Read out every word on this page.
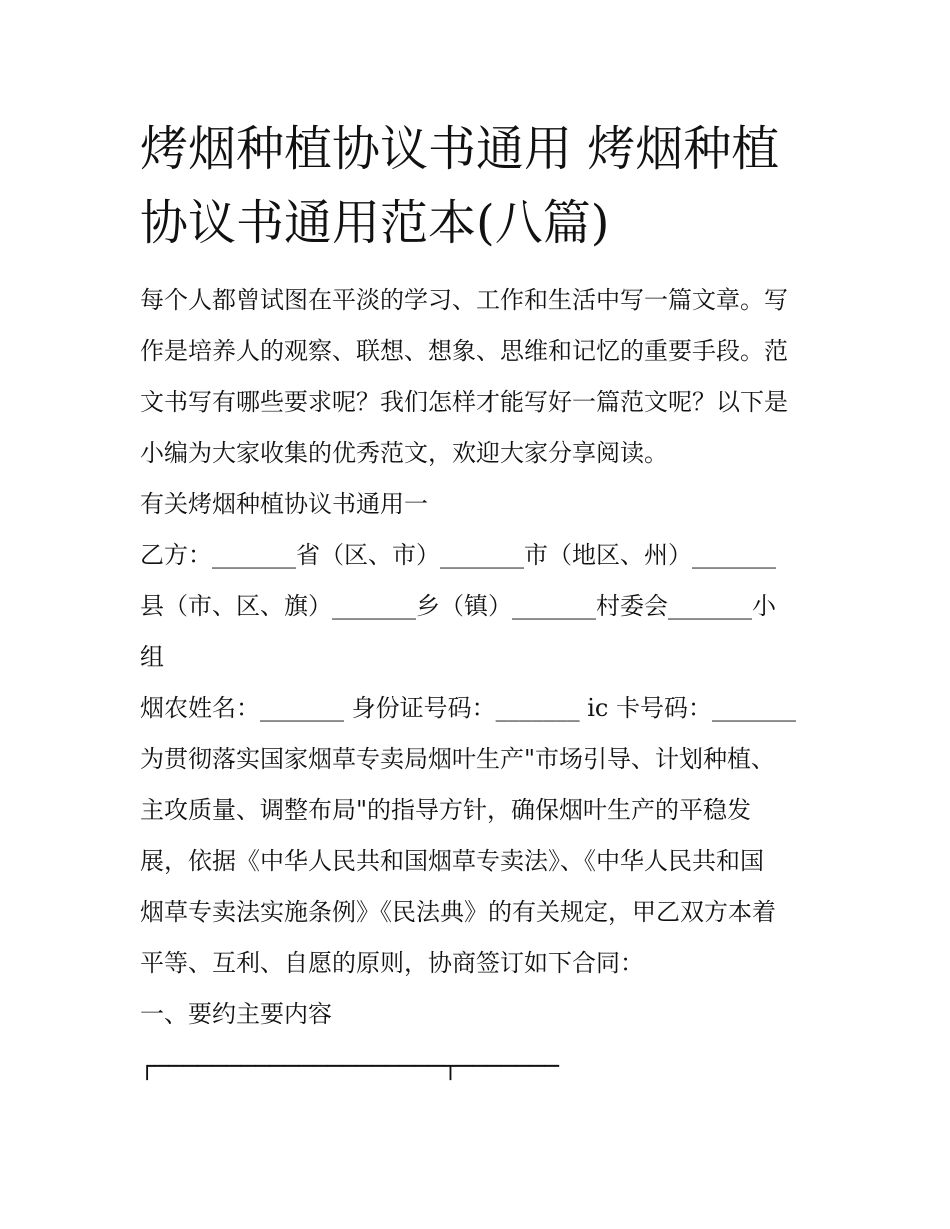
烤烟种植协议书通用 烤烟种植
协议书通用范本(八篇)

每个人都曾试图在平淡的学习、工作和生活中写一篇文章。写

作是培养人的观察、联想、想象、思维和记忆的重要手段。范

文书写有哪些要求呢？我们怎样才能写好一篇范文呢？以下是

小编为大家收集的优秀范文，欢迎大家分享阅读。

有关烤烟种植协议书通用一

乙方：_______省（区、市）_______市（地区、州）_______

县（市、区、旗）_______乡（镇）_______村委会_______小

组

烟农姓名：_______ 身份证号码：_______ ic 卡号码：_______

为贯彻落实国家烟草专卖局烟叶生产"市场引导、计划种植、

主攻质量、调整布局"的指导方针，确保烟叶生产的平稳发

展，依据《中华人民共和国烟草专卖法》、《中华人民共和国

烟草专卖法实施条例》《民法典》的有关规定，甲乙双方本着

平等、互利、自愿的原则，协商签订如下合同：

一、要约主要内容

┌────────────────────┬───────
